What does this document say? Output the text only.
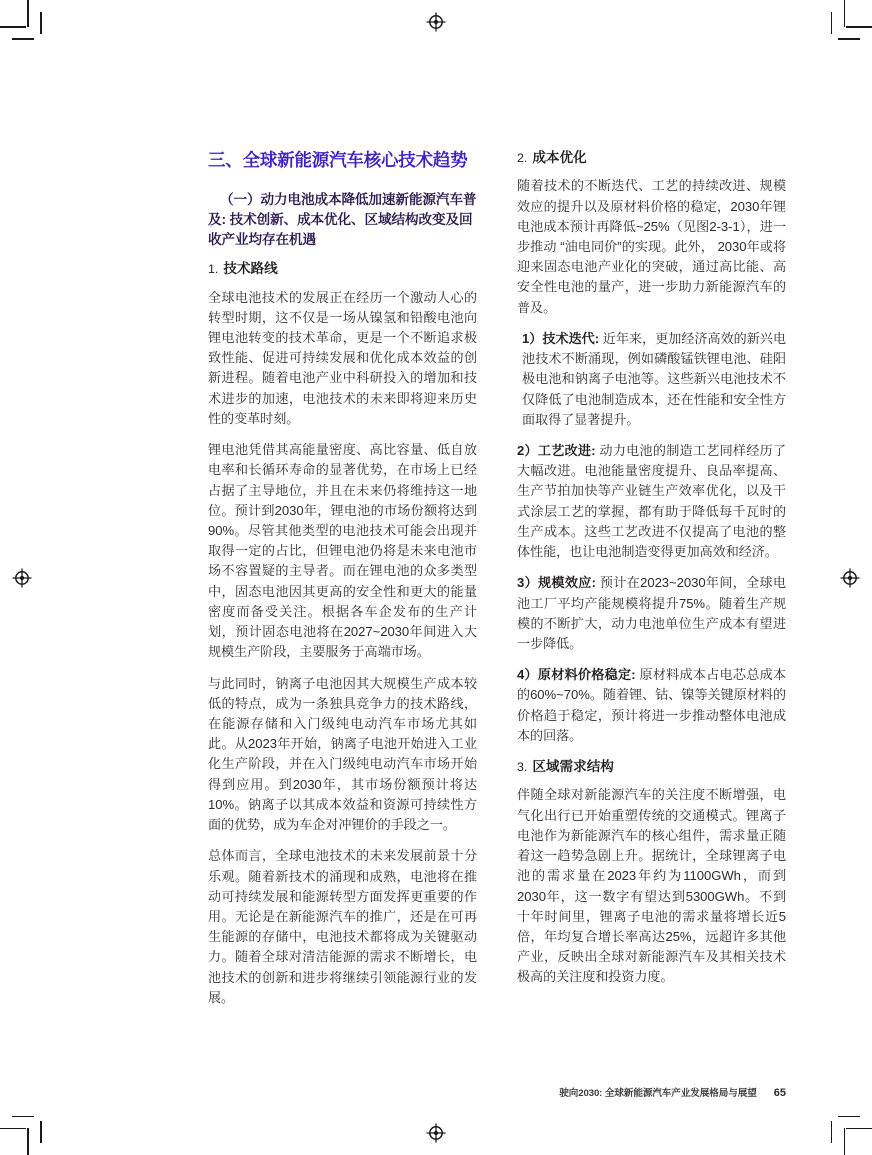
三、全球新能源汽车核心技术趋势
（一）动力电池成本降低加速新能源汽车普及: 技术创新、成本优化、区域结构改变及回收产业均存在机遇
1. 技术路线

全球电池技术的发展正在经历一个激动人心的转型时期，这不仅是一场从镍氢和铅酸电池向锂电池转变的技术革命，更是一个不断追求极致性能、促进可持续发展和优化成本效益的创新进程。随着电池产业中科研投入的增加和技术进步的加速，电池技术的未来即将迎来历史性的变革时刻。

锂电池凭借其高能量密度、高比容量、低自放电率和长循环寿命的显著优势，在市场上已经占据了主导地位，并且在未来仍将维持这一地位。预计到2030年，锂电池的市场份额将达到90%。尽管其他类型的电池技术可能会出现并取得一定的占比，但锂电池仍将是未来电池市场不容置疑的主导者。而在锂电池的众多类型中，固态电池因其更高的安全性和更大的能量密度而备受关注。根据各车企发布的生产计划，预计固态电池将在2027~2030年间进入大规模生产阶段，主要服务于高端市场。

与此同时，钠离子电池因其大规模生产成本较低的特点，成为一条独具竞争力的技术路线，在能源存储和入门级纯电动汽车市场尤其如此。从2023年开始，钠离子电池开始进入工业化生产阶段，并在入门级纯电动汽车市场开始得到应用。到2030年，其市场份额预计将达10%。钠离子以其成本效益和资源可持续性方面的优势，成为车企对冲锂价的手段之一。

总体而言，全球电池技术的未来发展前景十分乐观。随着新技术的涌现和成熟，电池将在推动可持续发展和能源转型方面发挥更重要的作用。无论是在新能源汽车的推广，还是在可再生能源的存储中，电池技术都将成为关键驱动力。随着全球对清洁能源的需求不断增长，电池技术的创新和进步将继续引领能源行业的发展。

2. 成本优化

随着技术的不断迭代、工艺的持续改进、规模效应的提升以及原材料价格的稳定，2030年锂电池成本预计再降低~25%（见图2-3-1），进一步推动 “油电同价”的实现。此外， 2030年或将迎来固态电池产业化的突破，通过高比能、高安全性电池的量产，进一步助力新能源汽车的普及。

1）技术迭代: 近年来，更加经济高效的新兴电池技术不断涌现，例如磷酸锰铁锂电池、硅阳极电池和钠离子电池等。这些新兴电池技术不仅降低了电池制造成本，还在性能和安全性方面取得了显著提升。

2）工艺改进: 动力电池的制造工艺同样经历了大幅改进。电池能量密度提升、良品率提高、生产节拍加快等产业链生产效率优化，以及干式涂层工艺的掌握，都有助于降低每千瓦时的生产成本。这些工艺改进不仅提高了电池的整体性能，也让电池制造变得更加高效和经济。

3）规模效应: 预计在2023~2030年间，全球电池工厂平均产能规模将提升75%。随着生产规模的不断扩大，动力电池单位生产成本有望进一步降低。

4）原材料价格稳定: 原材料成本占电芯总成本的60%~70%。随着锂、钴、镍等关键原材料的价格趋于稳定，预计将进一步推动整体电池成本的回落。

3. 区域需求结构

伴随全球对新能源汽车的关注度不断增强，电气化出行已开始重塑传统的交通模式。锂离子电池作为新能源汽车的核心组件，需求量正随着这一趋势急剧上升。据统计，全球锂离子电池的需求量在2023年约为1100GWh，而到2030年，这一数字有望达到5300GWh。不到十年时间里，锂离子电池的需求量将增长近5倍，年均复合增长率高达25%，远超许多其他产业，反映出全球对新能源汽车及其相关技术极高的关注度和投资力度。

驶向2030: 全球新能源汽车产业发展格局与展望 65
